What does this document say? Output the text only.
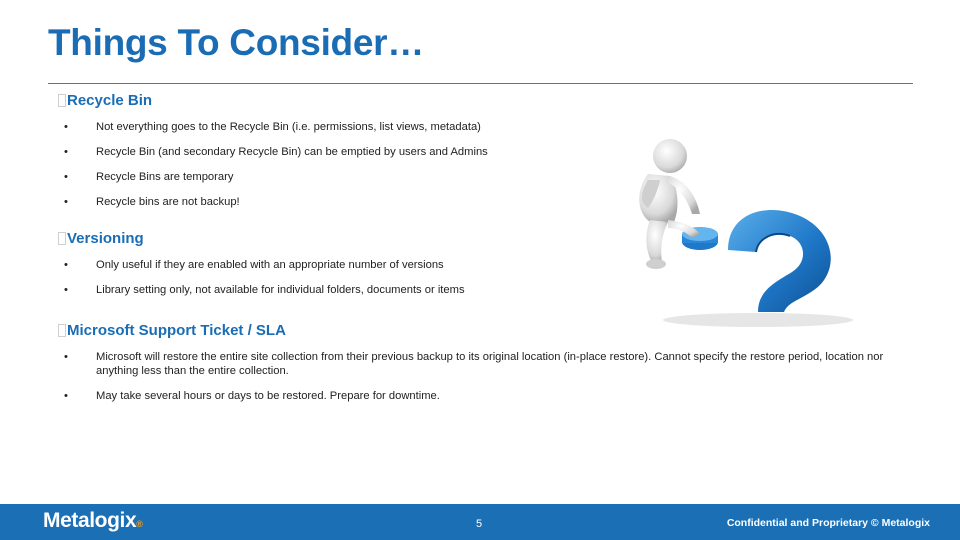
Things To Consider…

Recycle Bin

•	Not everything goes to the Recycle Bin (i.e. permissions, list views, metadata)
•	Recycle Bin (and secondary Recycle Bin) can be emptied by users and Admins
•	Recycle Bins are temporary
•	Recycle bins are not backup!

Versioning

•	Only useful if they are enabled with an appropriate number of versions
•	Library setting only, not available for individual folders, documents or items

Microsoft Support Ticket / SLA

•	Microsoft will restore the entire site collection from their previous backup to its original location (in-place restore). Cannot specify the restore period, location nor anything less than the entire collection.
•	May take several hours or days to be restored. Prepare for downtime.
Metalogix®	5	Confidential and Proprietary © Metalogix
